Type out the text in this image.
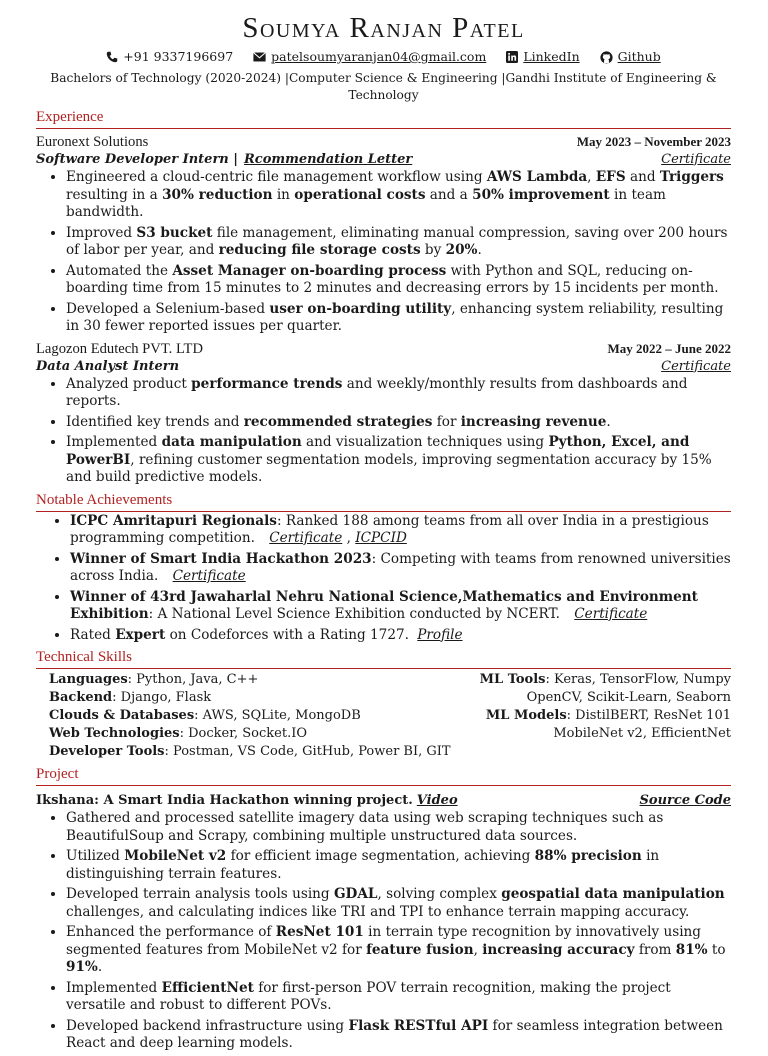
Soumya Ranjan Patel
+91 9337196697	patelsoumyaranjan04@gmail.com	LinkedIn	Github
Bachelors of Technology (2020-2024) |Computer Science & Engineering |Gandhi Institute of Engineering & Technology
Experience
Euronext Solutions	May 2023 – November 2023
Software Developer Intern | Rcommendation Letter	Certificate
• Engineered a cloud-centric file management workflow using AWS Lambda, EFS and Triggers resulting in a 30% reduction in operational costs and a 50% improvement in team bandwidth.
• Improved S3 bucket file management, eliminating manual compression, saving over 200 hours of labor per year, and reducing file storage costs by 20%.
• Automated the Asset Manager on-boarding process with Python and SQL, reducing on-boarding time from 15 minutes to 2 minutes and decreasing errors by 15 incidents per month.
• Developed a Selenium-based user on-boarding utility, enhancing system reliability, resulting in 30 fewer reported issues per quarter.
Lagozon Edutech PVT. LTD	May 2022 – June 2022
Data Analyst Intern	Certificate
• Analyzed product performance trends and weekly/monthly results from dashboards and reports.
• Identified key trends and recommended strategies for increasing revenue.
• Implemented data manipulation and visualization techniques using Python, Excel, and PowerBI, refining customer segmentation models, improving segmentation accuracy by 15% and build predictive models.
Notable Achievements
• ICPC Amritapuri Regionals: Ranked 188 among teams from all over India in a prestigious programming competition. Certificate , ICPCID
• Winner of Smart India Hackathon 2023: Competing with teams from renowned universities across India. Certificate
• Winner of 43rd Jawaharlal Nehru National Science,Mathematics and Environment Exhibition: A National Level Science Exhibition conducted by NCERT. Certificate
• Rated Expert on Codeforces with a Rating 1727. Profile
Technical Skills
Languages: Python, Java, C++	ML Tools: Keras, TensorFlow, Numpy
Backend: Django, Flask	OpenCV, Scikit-Learn, Seaborn
Clouds & Databases: AWS, SQLite, MongoDB	ML Models: DistilBERT, ResNet 101
Web Technologies: Docker, Socket.IO	MobileNet v2, EfficientNet
Developer Tools: Postman, VS Code, GitHub, Power BI, GIT
Project
Ikshana: A Smart India Hackathon winning project. Video	Source Code
• Gathered and processed satellite imagery data using web scraping techniques such as BeautifulSoup and Scrapy, combining multiple unstructured data sources.
• Utilized MobileNet v2 for efficient image segmentation, achieving 88% precision in distinguishing terrain features.
• Developed terrain analysis tools using GDAL, solving complex geospatial data manipulation challenges, and calculating indices like TRI and TPI to enhance terrain mapping accuracy.
• Enhanced the performance of ResNet 101 in terrain type recognition by innovatively using segmented features from MobileNet v2 for feature fusion, increasing accuracy from 81% to 91%.
• Implemented EfficientNet for first-person POV terrain recognition, making the project versatile and robust to different POVs.
• Developed backend infrastructure using Flask RESTful API for seamless integration between React and deep learning models.
